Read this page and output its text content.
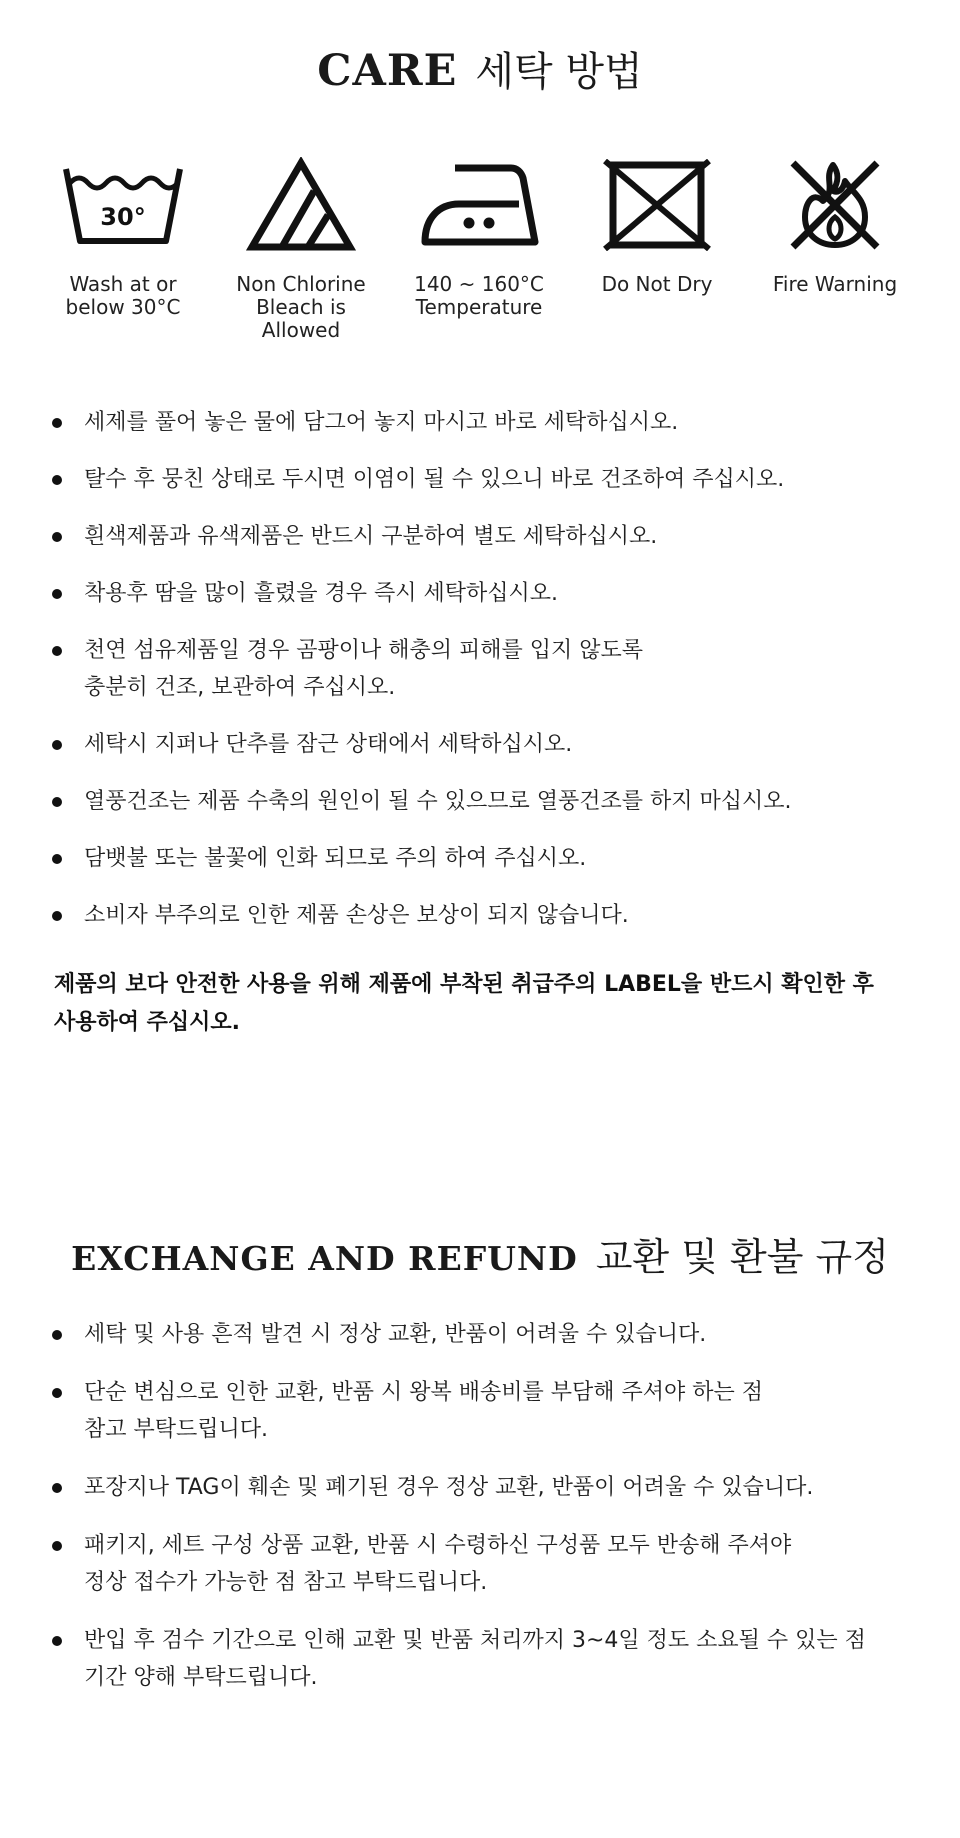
CARE 세탁 방법
30°
Wash at or
below 30°C
Non Chlorine
Bleach is
Allowed
140 ~ 160°C
Temperature
Do Not Dry	Fire Warning
세제를 풀어 놓은 물에 담그어 놓지 마시고 바로 세탁하십시오.
탈수 후 뭉친 상태로 두시면 이염이 될 수 있으니 바로 건조하여 주십시오.
흰색제품과 유색제품은 반드시 구분하여 별도 세탁하십시오.
착용후 땀을 많이 흘렸을 경우 즉시 세탁하십시오.
천연 섬유제품일 경우 곰팡이나 해충의 피해를 입지 않도록
충분히 건조, 보관하여 주십시오.
세탁시 지퍼나 단추를 잠근 상태에서 세탁하십시오.
열풍건조는 제품 수축의 원인이 될 수 있으므로 열풍건조를 하지 마십시오.
담뱃불 또는 불꽃에 인화 되므로 주의 하여 주십시오.
소비자 부주의로 인한 제품 손상은 보상이 되지 않습니다.

제품의 보다 안전한 사용을 위해 제품에 부착된 취급주의 LABEL을 반드시 확인한 후
사용하여 주십시오.

EXCHANGE AND REFUND 교환 및 환불 규정
세탁 및 사용 흔적 발견 시 정상 교환, 반품이 어려울 수 있습니다.
단순 변심으로 인한 교환, 반품 시 왕복 배송비를 부담해 주셔야 하는 점
참고 부탁드립니다.
포장지나 TAG이 훼손 및 폐기된 경우 정상 교환, 반품이 어려울 수 있습니다.
패키지, 세트 구성 상품 교환, 반품 시 수령하신 구성품 모두 반송해 주셔야
정상 접수가 가능한 점 참고 부탁드립니다.
반입 후 검수 기간으로 인해 교환 및 반품 처리까지 3~4일 정도 소요될 수 있는 점
기간 양해 부탁드립니다.
